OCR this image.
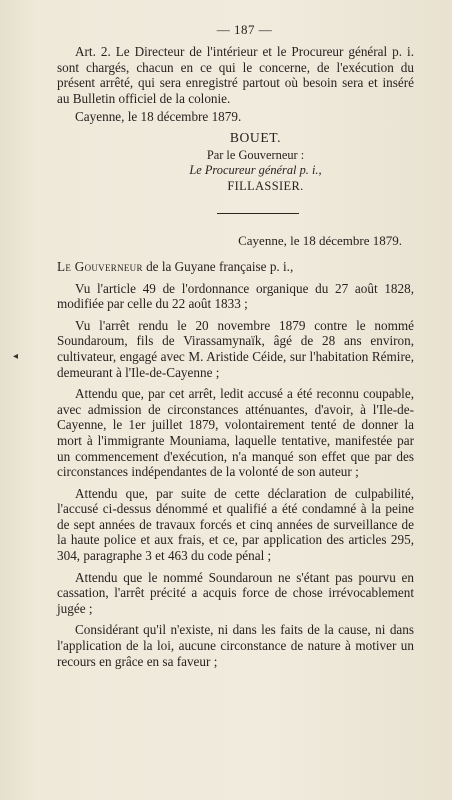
— 187 —

Art. 2. Le Directeur de l'intérieur et le Procureur général p. i. sont chargés, chacun en ce qui le concerne, de l'exécution du présent arrêté, qui sera enregistré partout où besoin sera et inséré au Bulletin officiel de la colonie.

Cayenne, le 18 décembre 1879.

BOUET.
Par le Gouverneur :
Le Procureur général p. i.,
FILLASSIER.
Cayenne, le 18 décembre 1879.

Le Gouverneur de la Guyane française p. i.,

Vu l'article 49 de l'ordonnance organique du 27 août 1828, modifiée par celle du 22 août 1833 ;

Vu l'arrêt rendu le 20 novembre 1879 contre le nommé Soundaroum, fils de Virassamynaïk, âgé de 28 ans environ, cultivateur, engagé avec M. Aristide Céide, sur l'habitation Rémire, demeurant à l'Ile-de-Cayenne ;

Attendu que, par cet arrêt, ledit accusé a été reconnu coupable, avec admission de circonstances atténuantes, d'avoir, à l'Ile-de-Cayenne, le 1er juillet 1879, volontairement tenté de donner la mort à l'immigrante Mouniama, laquelle tentative, manifestée par un commencement d'exécution, n'a manqué son effet que par des circonstances indépendantes de la volonté de son auteur ;

Attendu que, par suite de cette déclaration de culpabilité, l'accusé ci-dessus dénommé et qualifié a été condamné à la peine de sept années de travaux forcés et cinq années de surveillance de la haute police et aux frais, et ce, par application des articles 295, 304, paragraphe 3 et 463 du code pénal ;

Attendu que le nommé Soundaroun ne s'étant pas pourvu en cassation, l'arrêt précité a acquis force de chose irrévocablement jugée ;

Considérant qu'il n'existe, ni dans les faits de la cause, ni dans l'application de la loi, aucune circonstance de nature à motiver un recours en grâce en sa faveur ;

◂
